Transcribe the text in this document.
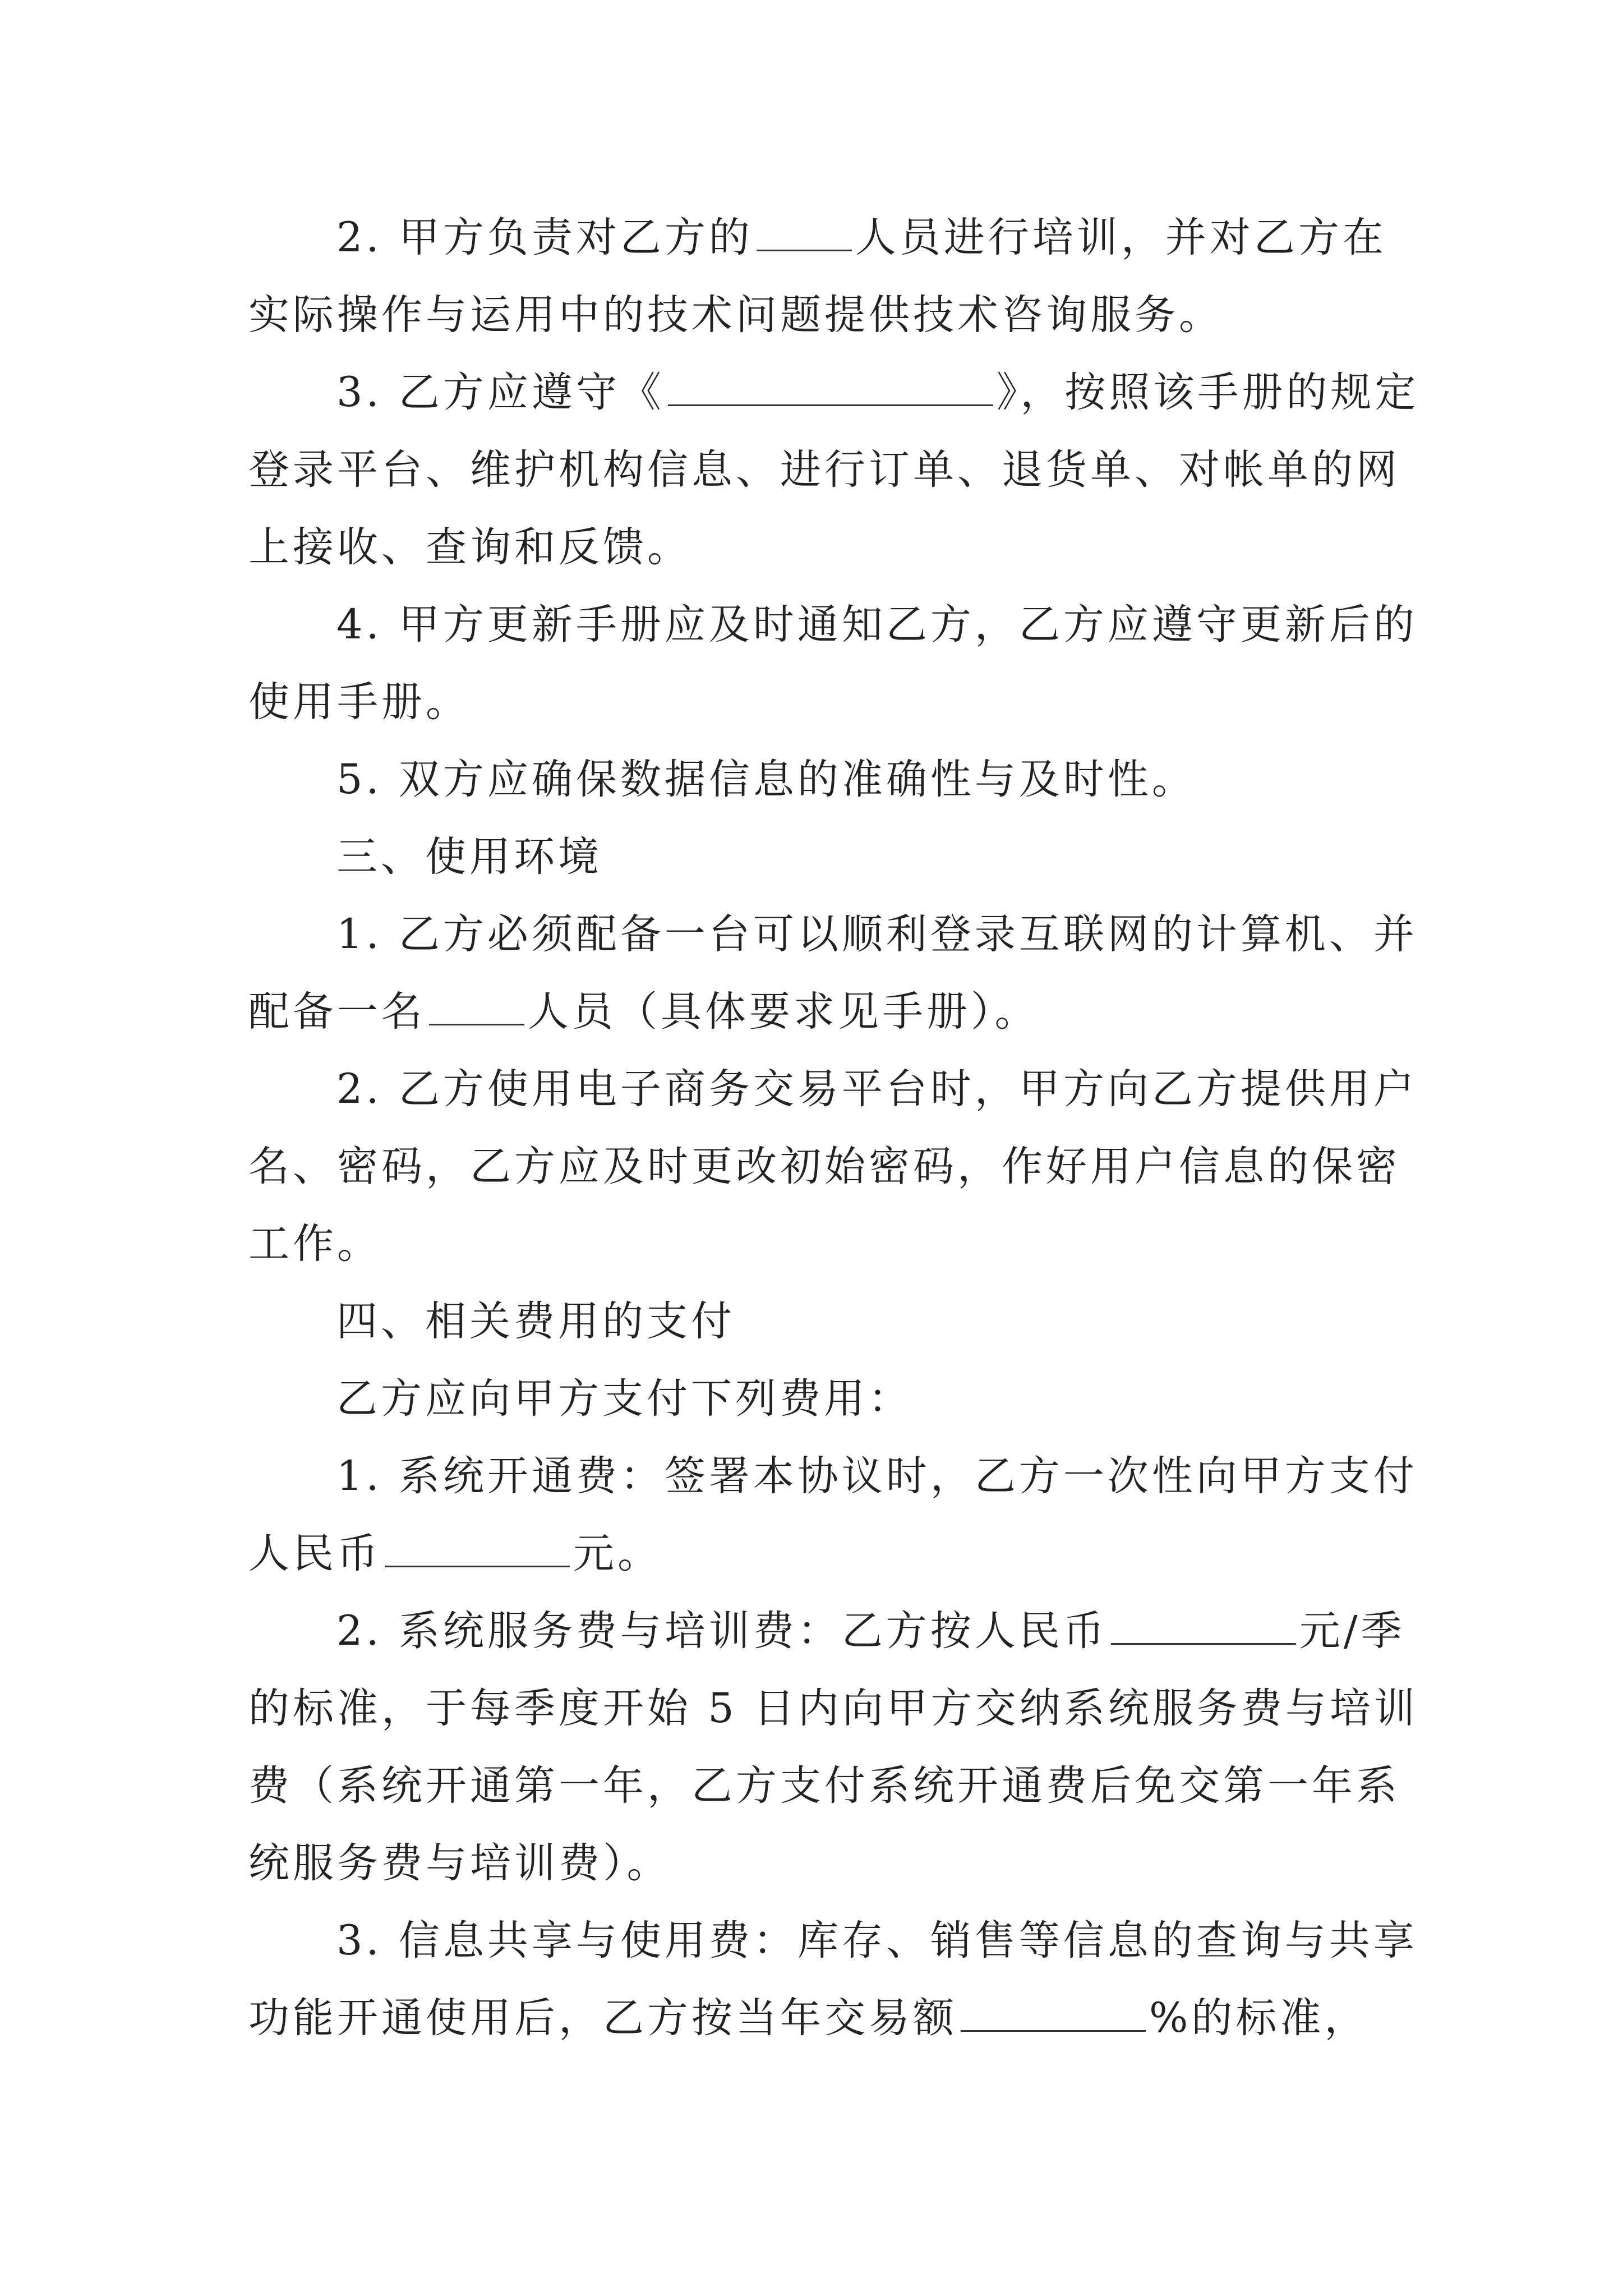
2. 甲方负责对乙方的 人员进行培训，并对乙方在
实际操作与运用中的技术问题提供技术咨询服务。
3. 乙方应遵守《	》，按照该手册的规定
登录平台、维护机构信息、进行订单、退货单、对帐单的网
上接收、查询和反馈。
4. 甲方更新手册应及时通知乙方，乙方应遵守更新后的
使用手册。
5. 双方应确保数据信息的准确性与及时性。
三、使用环境
1. 乙方必须配备一台可以顺利登录互联网的计算机、并
配备一名 人员（具体要求见手册）。
2. 乙方使用电子商务交易平台时，甲方向乙方提供用户
名、密码，乙方应及时更改初始密码，作好用户信息的保密
工作。
四、相关费用的支付
乙方应向甲方支付下列费用：
1. 系统开通费：签署本协议时，乙方一次性向甲方支付
人民币	元。
2. 系统服务费与培训费：乙方按人民币	元/季
的标准，于每季度开始 5 日内向甲方交纳系统服务费与培训
费（系统开通第一年，乙方支付系统开通费后免交第一年系
统服务费与培训费）。
3. 信息共享与使用费：库存、销售等信息的查询与共享
功能开通使用后，乙方按当年交易额	%的标准，
